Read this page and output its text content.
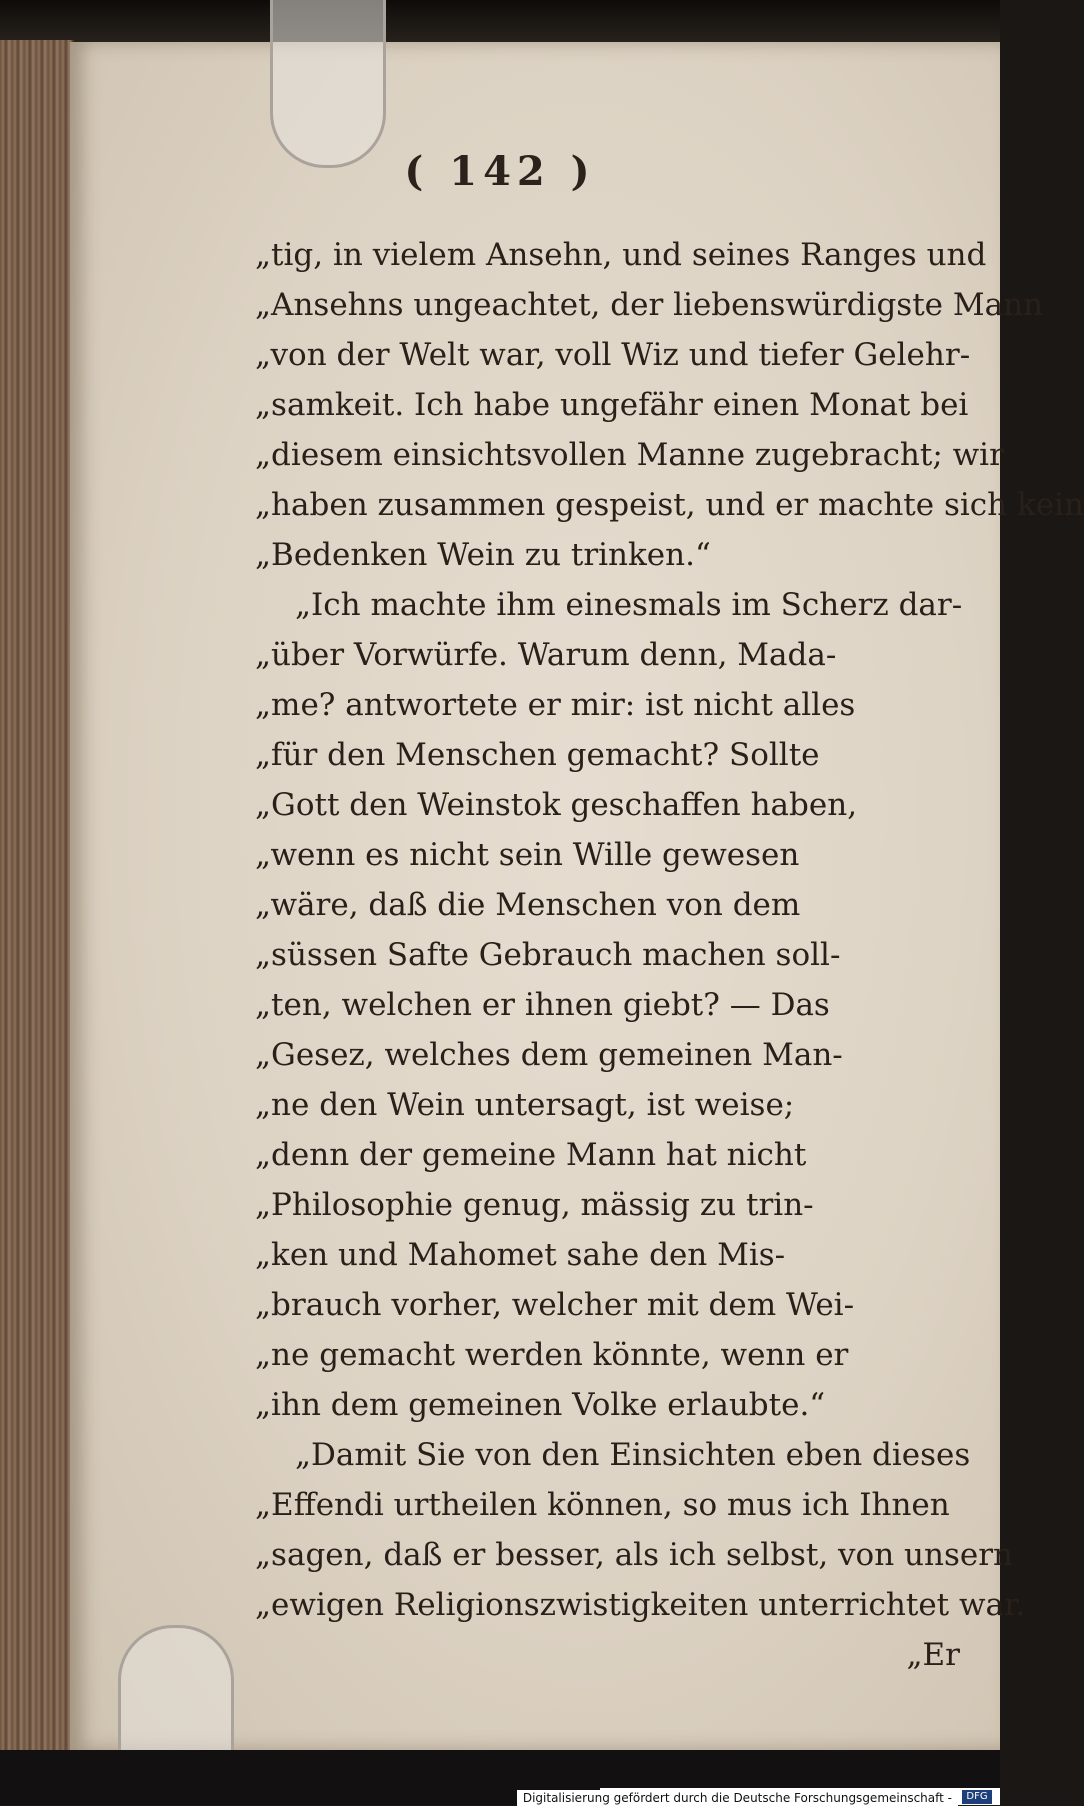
( 142 )
„tig, in vielem Ansehn, und seines Ranges und
„Ansehns ungeachtet, der liebenswürdigste Mann
„von der Welt war, voll Wiz und tiefer Gelehr-
„samkeit. Ich habe ungefähr einen Monat bei
„diesem einsichtsvollen Manne zugebracht; wir
„haben zusammen gespeist, und er machte sich kein
„Bedenken Wein zu trinken.“
„Ich machte ihm einesmals im Scherz dar-
„über Vorwürfe. Warum denn, Mada-
„me? antwortete er mir: ist nicht alles
„für den Menschen gemacht? Sollte
„Gott den Weinstok geschaffen haben,
„wenn es nicht sein Wille gewesen
„wäre, daß die Menschen von dem
„süssen Safte Gebrauch machen soll-
„ten, welchen er ihnen giebt? — Das
„Gesez, welches dem gemeinen Man-
„ne den Wein untersagt, ist weise;
„denn der gemeine Mann hat nicht
„Philosophie genug, mässig zu trin-
„ken und Mahomet sahe den Mis-
„brauch vorher, welcher mit dem Wei-
„ne gemacht werden könnte, wenn er
„ihn dem gemeinen Volke erlaubte.“
„Damit Sie von den Einsichten eben dieses
„Effendi urtheilen können, so mus ich Ihnen
„sagen, daß er besser, als ich selbst, von unsern
„ewigen Religionszwistigkeiten unterrichtet war.
„Er
Digitalisierung gefördert durch die Deutsche Forschungsgemeinschaft -	DFG
